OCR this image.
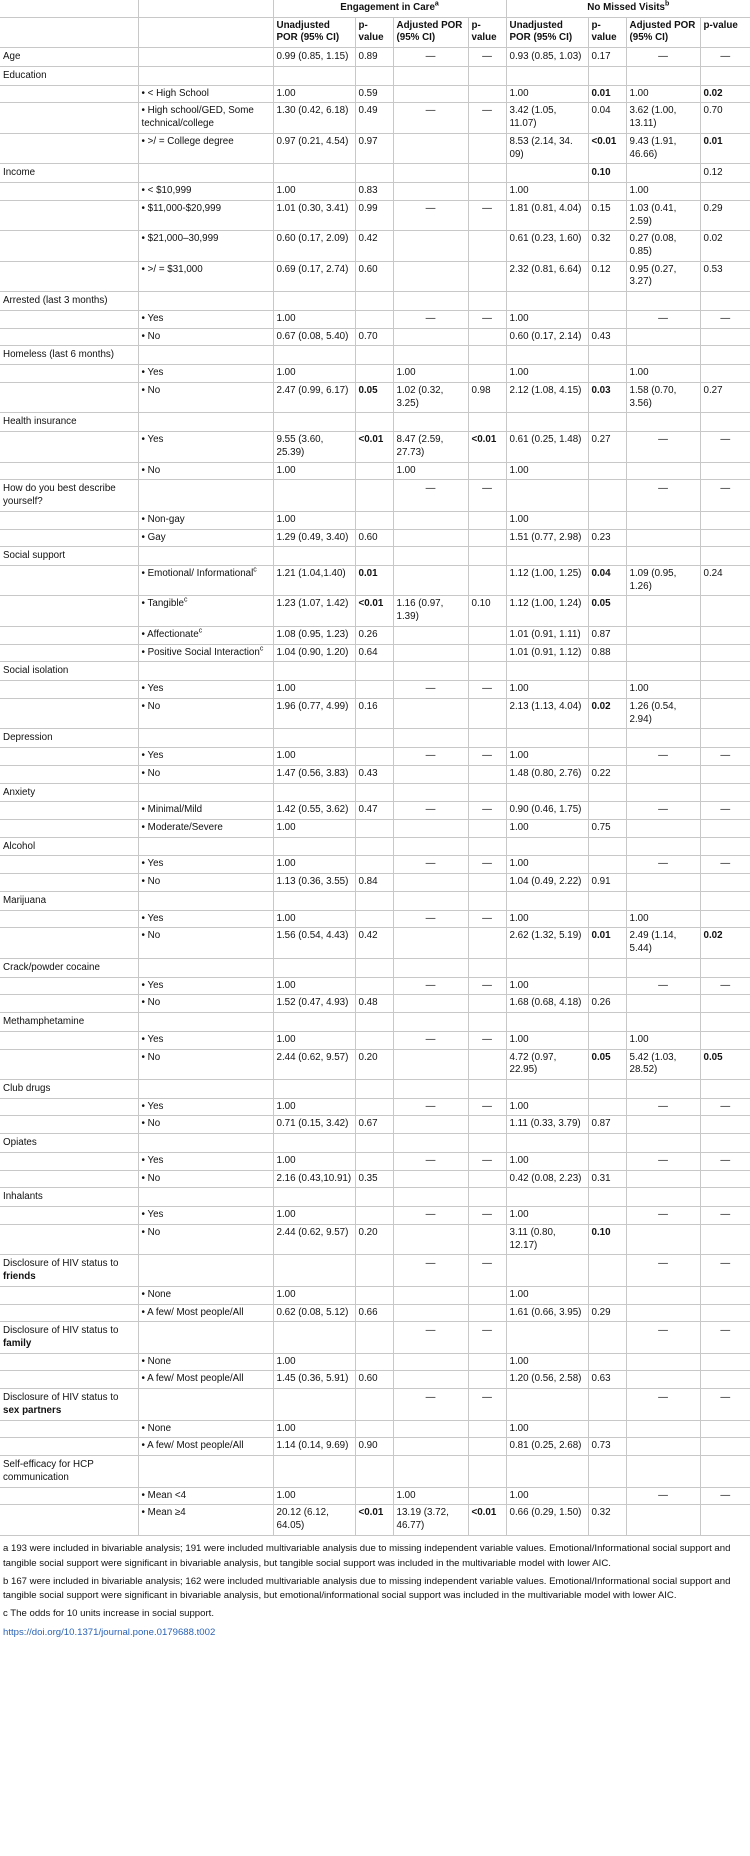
		Engagement in Care$^a$				No Missed Visits$^b$
		Unadjusted POR (95% CI)	p-value	Adjusted POR (95% CI)	p-value	Unadjusted POR (95% CI)	p-value	Adjusted POR (95% CI)	p-value
Age		0.99 (0.85, 1.15)	0.89	—	—	0.93 (0.85, 1.03)	0.17	—	—
Education									
	• < High School	1.00	0.59			1.00	0.01	1.00	0.02
	• High school/GED, Some technical/college	1.30 (0.42, 6.18)	0.49	—	—	3.42 (1.05, 11.07)	0.04	3.62 (1.00, 13.11)	0.70
	• >/ = College degree	0.97 (0.21, 4.54)	0.97			8.53 (2.14, 34. 09)	<0.01	9.43 (1.91, 46.66)	0.01
Income							0.10		0.12
	• < $10,999	1.00	0.83			1.00		1.00	
	• $11,000-$20,999	1.01 (0.30, 3.41)	0.99	—	—	1.81 (0.81, 4.04)	0.15	1.03 (0.41, 2.59)	0.29
	• $21,000–30,999	0.60 (0.17, 2.09)	0.42			0.61 (0.23, 1.60)	0.32	0.27 (0.08, 0.85)	0.02
	• >/ = $31,000	0.69 (0.17, 2.74)	0.60			2.32 (0.81, 6.64)	0.12	0.95 (0.27, 3.27)	0.53
Arrested (last 3 months)									
	• Yes	1.00		—	—	1.00		—	—
	• No	0.67 (0.08, 5.40)	0.70			0.60 (0.17, 2.14)	0.43		
Homeless (last 6 months)									
	• Yes	1.00		1.00		1.00		1.00	
	• No	2.47 (0.99, 6.17)	0.05	1.02 (0.32, 3.25)	0.98	2.12 (1.08, 4.15)	0.03	1.58 (0.70, 3.56)	0.27
Health insurance									
	• Yes	9.55 (3.60, 25.39)	<0.01	8.47 (2.59, 27.73)	<0.01	0.61 (0.25, 1.48)	0.27	—	—
	• No	1.00		1.00		1.00			
How do you best describe yourself?				—	—			—	—
	• Non-gay	1.00				1.00			
	• Gay	1.29 (0.49, 3.40)	0.60			1.51 (0.77, 2.98)	0.23		
Social support									
	• Emotional/ Informational$^c$	1.21 (1.04,1.40)	0.01			1.12 (1.00, 1.25)	0.04	1.09 (0.95, 1.26)	0.24
	• Tangible$^c$	1.23 (1.07, 1.42)	<0.01	1.16 (0.97, 1.39)	0.10	1.12 (1.00, 1.24)	0.05		
	• Affectionate$^c$	1.08 (0.95, 1.23)	0.26			1.01 (0.91, 1.11)	0.87		
	• Positive Social Interaction$^c$	1.04 (0.90, 1.20)	0.64			1.01 (0.91, 1.12)	0.88		
Social isolation									
	• Yes	1.00		—	—	1.00		1.00	
	• No	1.96 (0.77, 4.99)	0.16			2.13 (1.13, 4.04)	0.02	1.26 (0.54, 2.94)	
Depression									
	• Yes	1.00		—	—	1.00		—	—
	• No	1.47 (0.56, 3.83)	0.43			1.48 (0.80, 2.76)	0.22		
Anxiety									
	• Minimal/Mild	1.42 (0.55, 3.62)	0.47	—	—	0.90 (0.46, 1.75)		—	—
	• Moderate/Severe	1.00				1.00	0.75		
Alcohol									
	• Yes	1.00		—	—	1.00		—	—
	• No	1.13 (0.36, 3.55)	0.84			1.04 (0.49, 2.22)	0.91		
Marijuana									
	• Yes	1.00		—	—	1.00		1.00	
	• No	1.56 (0.54, 4.43)	0.42			2.62 (1.32, 5.19)	0.01	2.49 (1.14, 5.44)	0.02
Crack/powder cocaine									
	• Yes	1.00		—	—	1.00		—	—
	• No	1.52 (0.47, 4.93)	0.48			1.68 (0.68, 4.18)	0.26		
Methamphetamine									
	• Yes	1.00		—	—	1.00		1.00	
	• No	2.44 (0.62, 9.57)	0.20			4.72 (0.97, 22.95)	0.05	5.42 (1.03, 28.52)	0.05
Club drugs									
	• Yes	1.00		—	—	1.00		—	—
	• No	0.71 (0.15, 3.42)	0.67			1.11 (0.33, 3.79)	0.87		
Opiates									
	• Yes	1.00		—	—	1.00		—	—
	• No	2.16 (0.43,10.91)	0.35			0.42 (0.08, 2.23)	0.31		
Inhalants									
	• Yes	1.00		—	—	1.00		—	—
	• No	2.44 (0.62, 9.57)	0.20			3.11 (0.80, 12.17)	0.10		
Disclosure of HIV status to friends				—	—			—	—
	• None	1.00				1.00			
	• A few/ Most people/All	0.62 (0.08, 5.12)	0.66			1.61 (0.66, 3.95)	0.29		
Disclosure of HIV status to family				—	—			—	—
	• None	1.00				1.00			
	• A few/ Most people/All	1.45 (0.36, 5.91)	0.60			1.20 (0.56, 2.58)	0.63		
Disclosure of HIV status to sex partners				—	—			—	—
	• None	1.00				1.00			
	• A few/ Most people/All	1.14 (0.14, 9.69)	0.90			0.81 (0.25, 2.68)	0.73		
Self-efficacy for HCP communication									
	• Mean <4	1.00		1.00		1.00		—	—
	• Mean ≥4	20.12 (6.12, 64.05)	<0.01	13.19 (3.72, 46.77)	<0.01	0.66 (0.29, 1.50)	0.32		

a 193 were included in bivariable analysis; 191 were included multivariable analysis due to missing independent variable values. Emotional/Informational social support and tangible social support were significant in bivariable analysis, but tangible social support was included in the multivariable model with lower AIC.

b 167 were included in bivariable analysis; 162 were included multivariable analysis due to missing independent variable values. Emotional/Informational social support and tangible social support were significant in bivariable analysis, but emotional/informational social support was included in the multivariable model with lower AIC.

c The odds for 10 units increase in social support.

https://doi.org/10.1371/journal.pone.0179688.t002
